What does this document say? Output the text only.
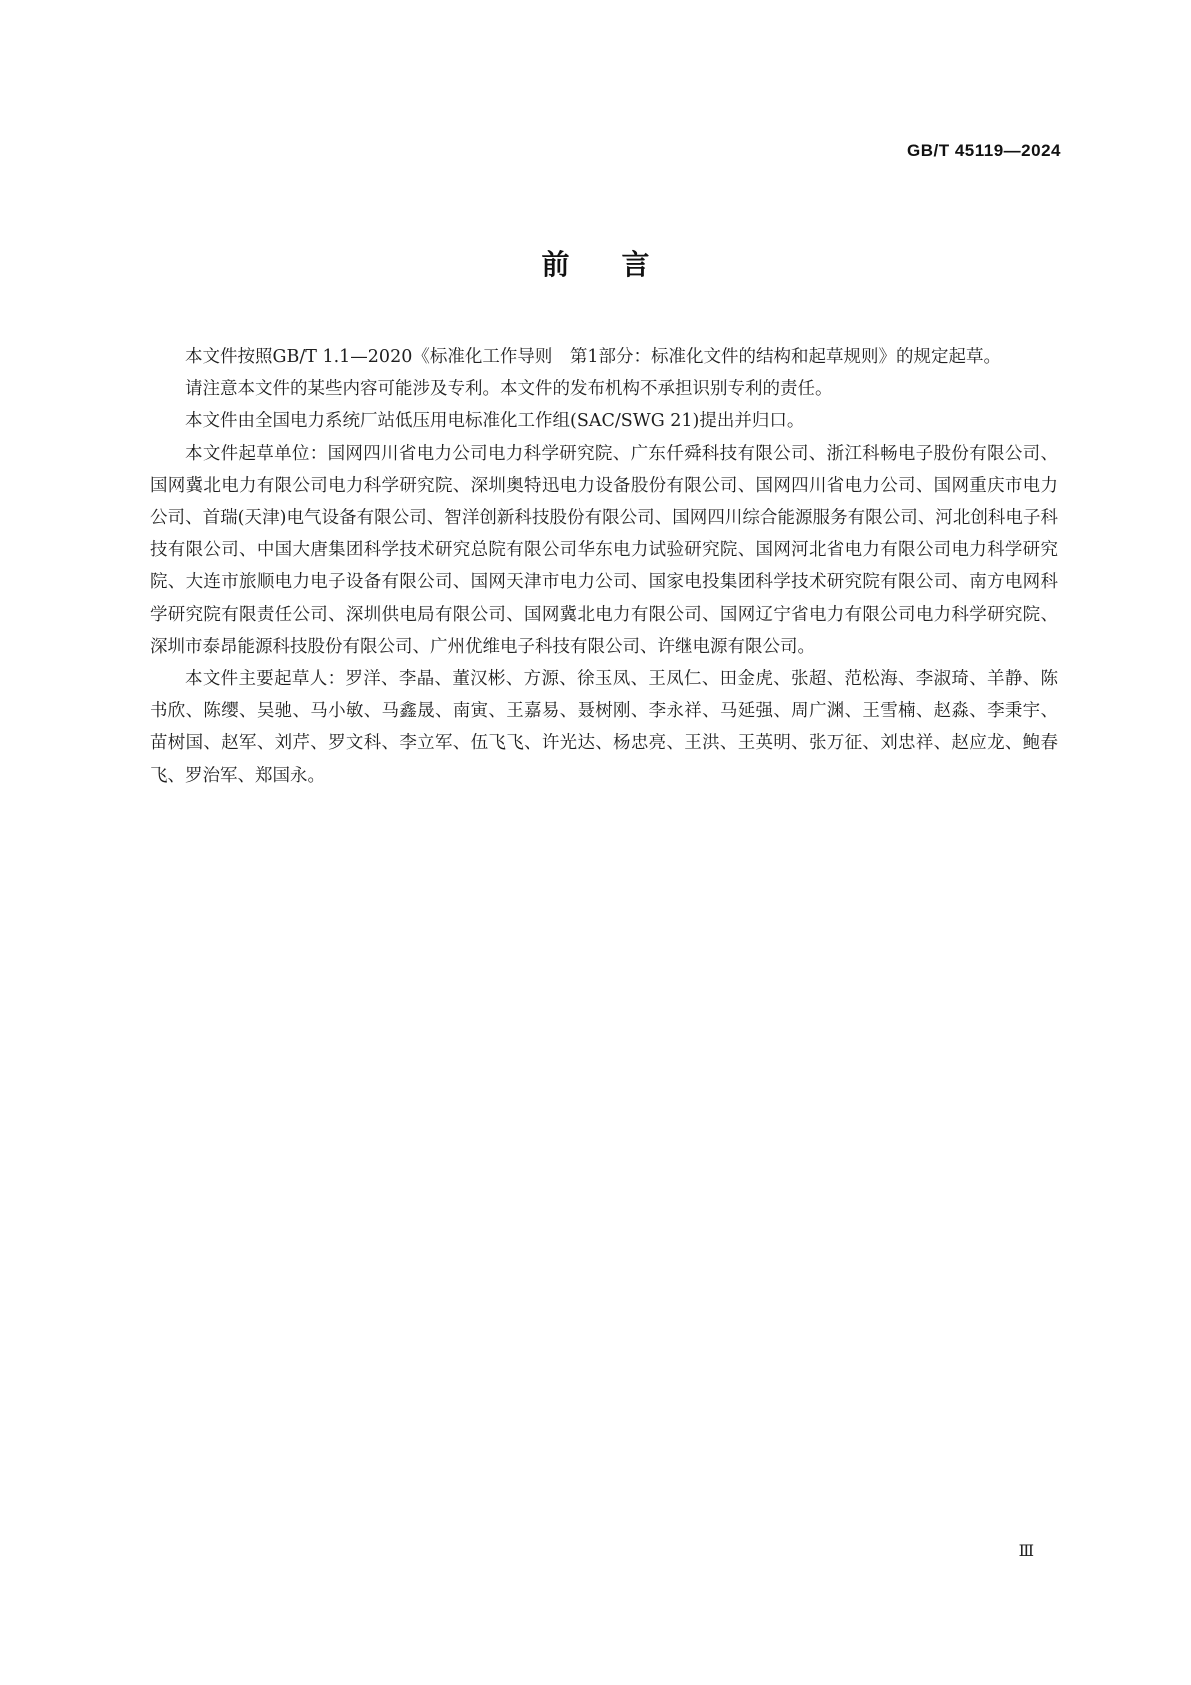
GB/T 45119—2024
前言

本文件按照GB/T 1.1—2020《标准化工作导则　第1部分：标准化文件的结构和起草规则》的规定起草。

请注意本文件的某些内容可能涉及专利。本文件的发布机构不承担识别专利的责任。

本文件由全国电力系统厂站低压用电标准化工作组(SAC/SWG 21)提出并归口。

本文件起草单位：国网四川省电力公司电力科学研究院、广东仟舜科技有限公司、浙江科畅电子股份有限公司、国网冀北电力有限公司电力科学研究院、深圳奥特迅电力设备股份有限公司、国网四川省电力公司、国网重庆市电力公司、首瑞(天津)电气设备有限公司、智洋创新科技股份有限公司、国网四川综合能源服务有限公司、河北创科电子科技有限公司、中国大唐集团科学技术研究总院有限公司华东电力试验研究院、国网河北省电力有限公司电力科学研究院、大连市旅顺电力电子设备有限公司、国网天津市电力公司、国家电投集团科学技术研究院有限公司、南方电网科学研究院有限责任公司、深圳供电局有限公司、国网冀北电力有限公司、国网辽宁省电力有限公司电力科学研究院、深圳市泰昂能源科技股份有限公司、广州优维电子科技有限公司、许继电源有限公司。

本文件主要起草人：罗洋、李晶、董汉彬、方源、徐玉凤、王凤仁、田金虎、张超、范松海、李淑琦、羊静、陈书欣、陈缨、吴驰、马小敏、马鑫晟、南寅、王嘉易、聂树刚、李永祥、马延强、周广渊、王雪楠、赵淼、李秉宇、苗树国、赵军、刘芹、罗文科、李立军、伍飞飞、许光达、杨忠亮、王洪、王英明、张万征、刘忠祥、赵应龙、鲍春飞、罗治军、郑国永。

Ⅲ
